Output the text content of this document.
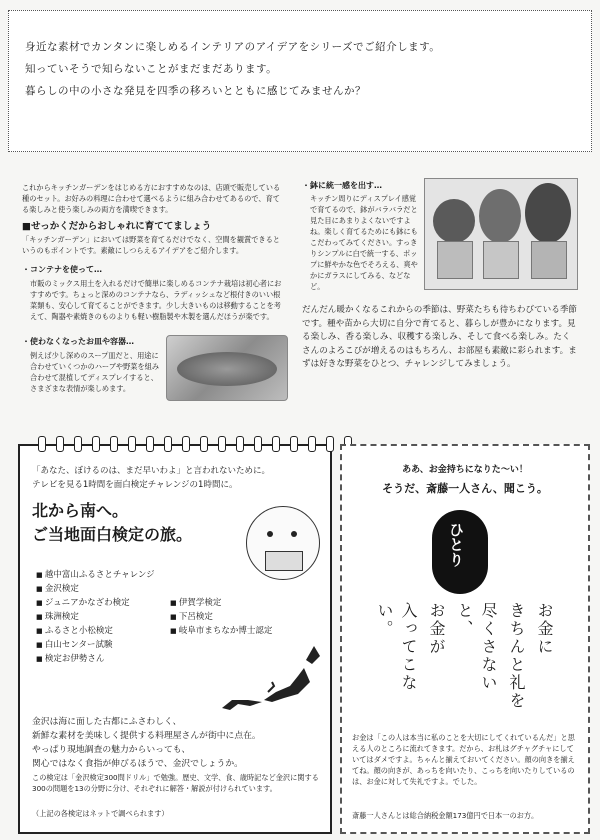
身近な素材でカンタンに楽しめるインテリアのアイデアをシリーズでご紹介します。
知っていそうで知らないことがまだまだあります。
暮らしの中の小さな発見を四季の移ろいとともに感じてみませんか？
これからキッチンガーデンをはじめる方におすすめなのは、店頭で販売している種のセット。お好みの料理に合わせて選べるように組み合わせてあるので、育てる楽しみと使う楽しみの両方を満喫できます。
■せっかくだからおしゃれに育ててましょう
「キッチンガーデン」においては野菜を育てるだけでなく、空間を観賞できるというのもポイントです。素敵にしつらえるアイデアをご紹介します。
・コンテナを使って…
市販のミックス用土を入れるだけで簡単に楽しめるコンテナ栽培は初心者におすすめです。ちょっと深めのコンテナなら、ラディッシュなど根付きのいい根菜類も、安心して育てることができます。少し大きいものは移動することを考えて、陶器や素焼きのものよりも軽い樹脂製や木製を選んだほうが楽です。
・使わなくなったお皿や容器…
例えば少し深めのスープ皿だと、用途に合わせていくつかのハーブや野菜を組み合わせて混植してディスプレイすると、さまざまな表情が楽しめます。
・鉢に統一感を出す…
キッチン周りにディスプレイ感覚で育てるので、鉢がバラバラだと見た目にあまりよくないですよね。楽しく育てるためにも鉢にもこだわってみてください。すっきりシンプルに白で統一する、ポップに鮮やかな色でそろえる、爽やかにガラスにしてみる、などなど。
だんだん暖かくなるこれからの季節は、野菜たちも待ちわびている季節です。種や苗から大切に自分で育てると、暮らしが豊かになります。見る楽しみ、香る楽しみ、収穫する楽しみ、そして食べる楽しみ。たくさんのよろこびが増えるのはもちろん、お部屋も素敵に彩られます。まずは好きな野菜をひとつ、チャレンジしてみましょう。
「あなた、ぼけるのは、まだ早いわよ」と言われないために。
テレビを見る1時間を面白検定チャレンジの1時間に。
北から南へ。
ご当地面白検定の旅。
■ 越中富山ふるさとチャレンジ
■ 金沢検定
■ ジュニアかなざわ検定
■ 珠洲検定
■ ふるさと小松検定
■ 白山センター試験
■ 検定お伊勢さん
■ 伊賀学検定
■ 下呂検定
■ 岐阜市まちなか博士認定
金沢は海に面した古都にふさわしく、
新鮮な素材を美味しく提供する料理屋さんが街中に点在。
やっぱり現地調査の魅力からいっても、
関心ではなく食指が伸びるほうで、金沢でしょうか。
この検定は「金沢検定300問ドリル」で勉強。歴史、文学、食、歳時記など金沢に関する300の問題を13の分野に分け、それぞれに解答・解説が付けられています。
（上記の各検定はネットで調べられます）
ああ、お金持ちになりた〜い！
そうだ、斎藤一人さん、聞こう。
ひとり
お金に
きちんと礼を
尽くさないと、
お金が
入ってこない。
お金は「この人は本当に私のことを大切にしてくれているんだ」と思える人のところに流れてきます。だから、お札はグチャグチャにしていてはダメですよ。ちゃんと揃えておいてください。顔の向きを揃えてね。顔の向きが、あっちを向いたり、こっちを向いたりしているのは、お金に対して失礼ですよ。でした。
斎藤一人さんとは総合納税金額173億円で日本一のお方。
